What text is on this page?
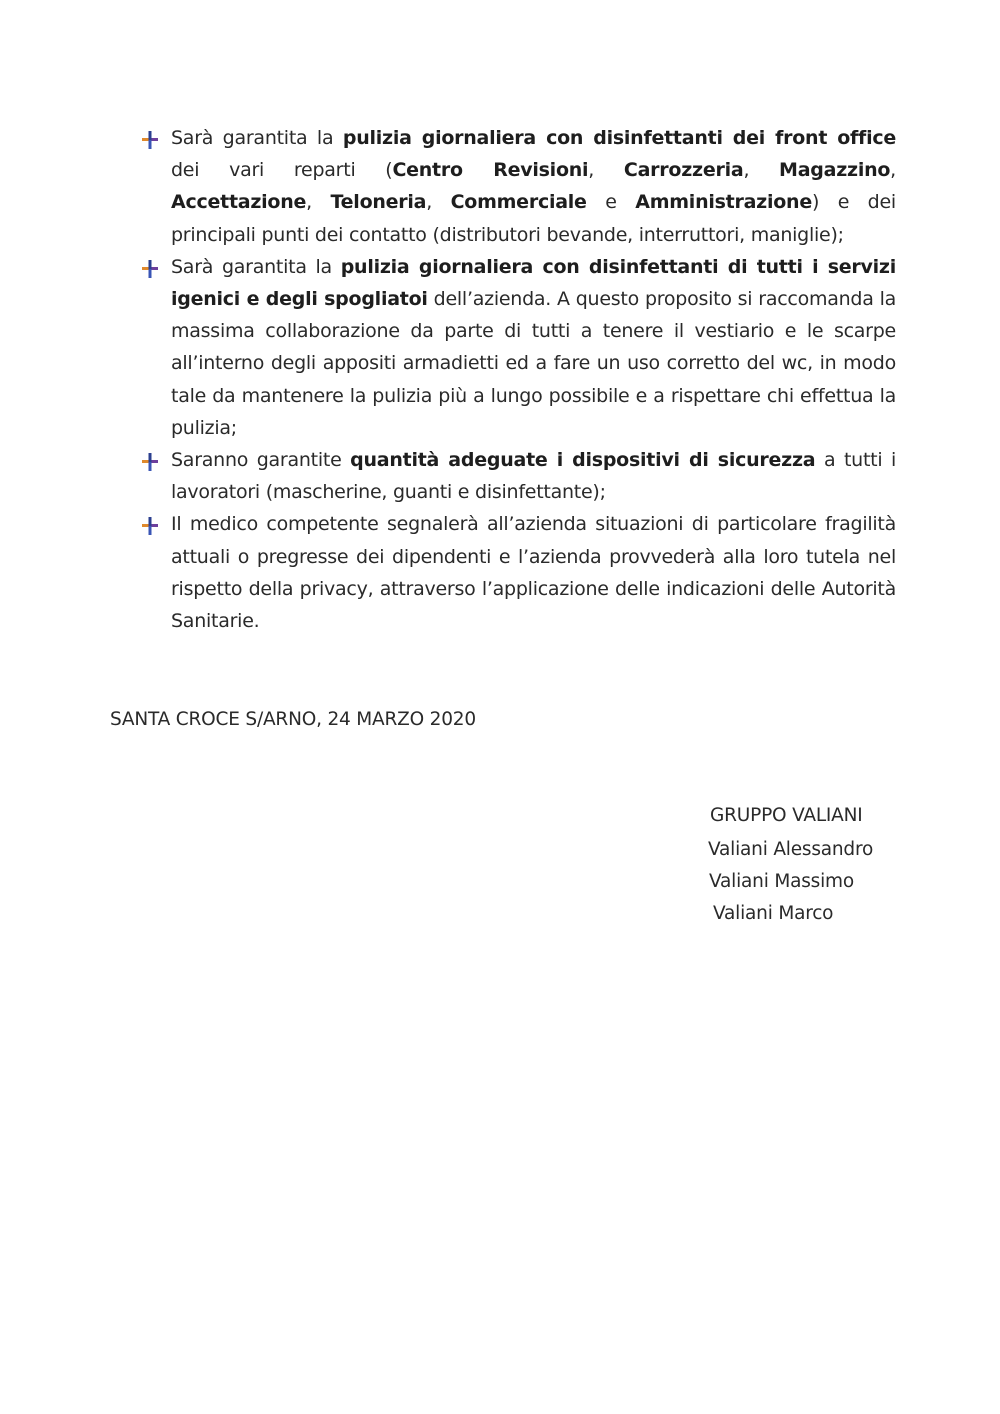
Sarà garantita la pulizia giornaliera con disinfettanti dei front office dei vari reparti (Centro Revisioni, Carrozzeria, Magazzino, Accettazione, Teloneria, Commerciale e Amministrazione) e dei principali punti dei contatto (distributori bevande, interruttori, maniglie);
Sarà garantita la pulizia giornaliera con disinfettanti di tutti i servizi igenici e degli spogliatoi dell’azienda. A questo proposito si raccomanda la massima collaborazione da parte di tutti a tenere il vestiario e le scarpe all’interno degli appositi armadietti ed a fare un uso corretto del wc, in modo tale da mantenere la pulizia più a lungo possibile e a rispettare chi effettua la pulizia;
Saranno garantite quantità adeguate i dispositivi di sicurezza a tutti i lavoratori (mascherine, guanti e disinfettante);
Il medico competente segnalerà all’azienda situazioni di particolare fragilità attuali o pregresse dei dipendenti e l’azienda provvederà alla loro tutela nel rispetto della privacy, attraverso l’applicazione delle indicazioni delle Autorità Sanitarie.
SANTA CROCE S/ARNO, 24 MARZO 2020
GRUPPO VALIANI
Valiani Alessandro
Valiani Massimo
Valiani Marco
